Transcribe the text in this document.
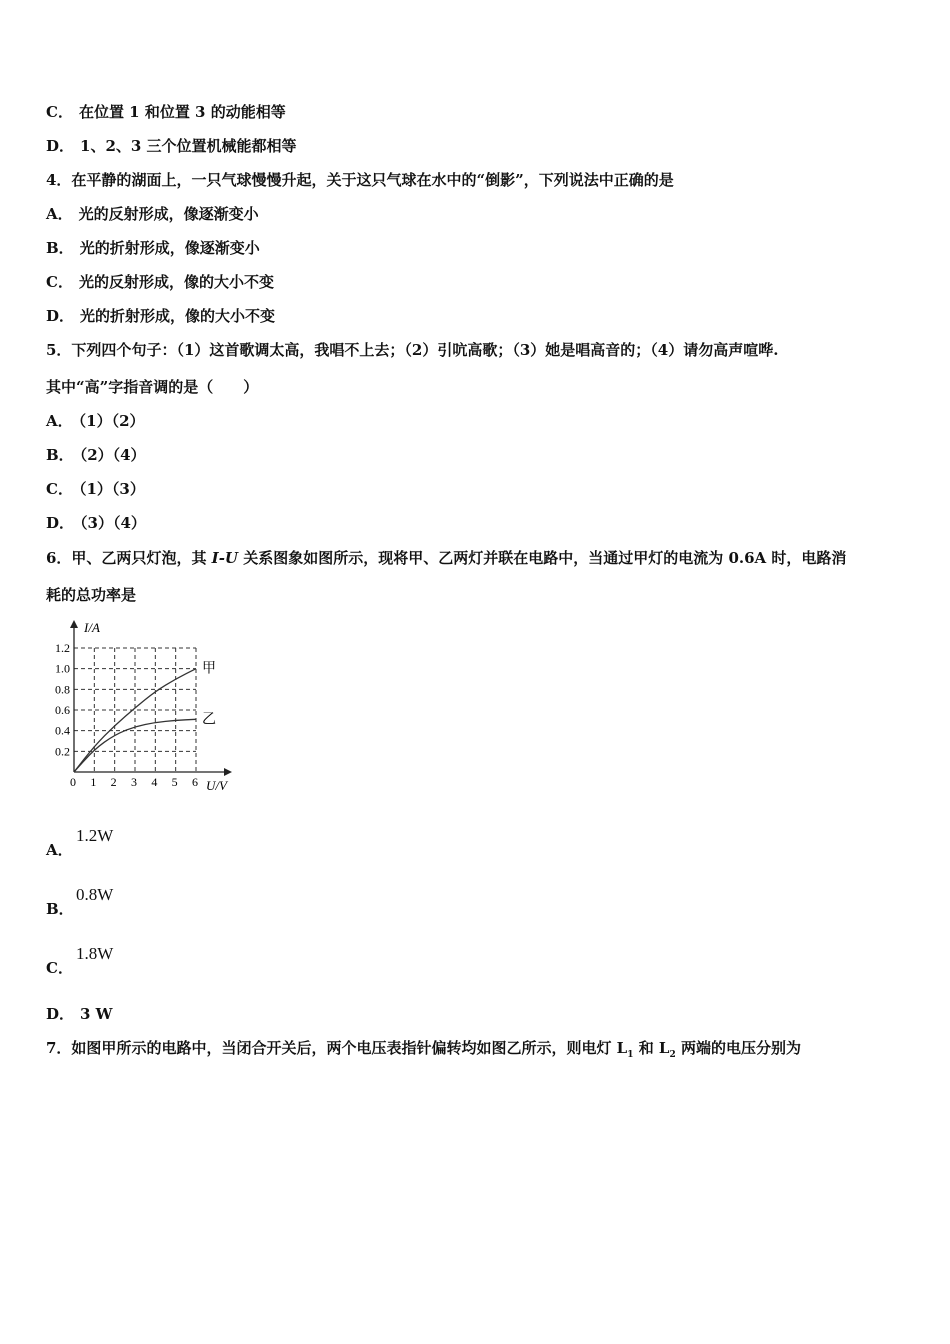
C． 在位置 1 和位置 3 的动能相等
D． 1、2、3 三个位置机械能都相等
4．在平静的湖面上，一只气球慢慢升起，关于这只气球在水中的“倒影”，下列说法中正确的是
A． 光的反射形成，像逐渐变小
B． 光的折射形成，像逐渐变小
C． 光的反射形成，像的大小不变
D． 光的折射形成，像的大小不变
5．下列四个句子：（1）这首歌调太高，我唱不上去；（2）引吭高歌；（3）她是唱高音的；（4）请勿高声喧哗.
其中“高”字指音调的是（　　）
A． （1）（2）
B． （2）（4）
C． （1）（3）
D． （3）（4）
6．甲、乙两只灯泡，其 I-U 关系图象如图所示，现将甲、乙两灯并联在电路中，当通过甲灯的电流为 0.6A 时，电路消
耗的总功率是
0 1 2 3 4 5 6
0.2
0.4
0.6
0.8
1.0
1.2
甲
乙
I/A
U/V
A．
1.2W
B．
0.8W
C．
1.8W
D． 3 W
7．如图甲所示的电路中，当闭合开关后，两个电压表指针偏转均如图乙所示，则电灯 $L_1$ 和 $L_2$ 两端的电压分别为
